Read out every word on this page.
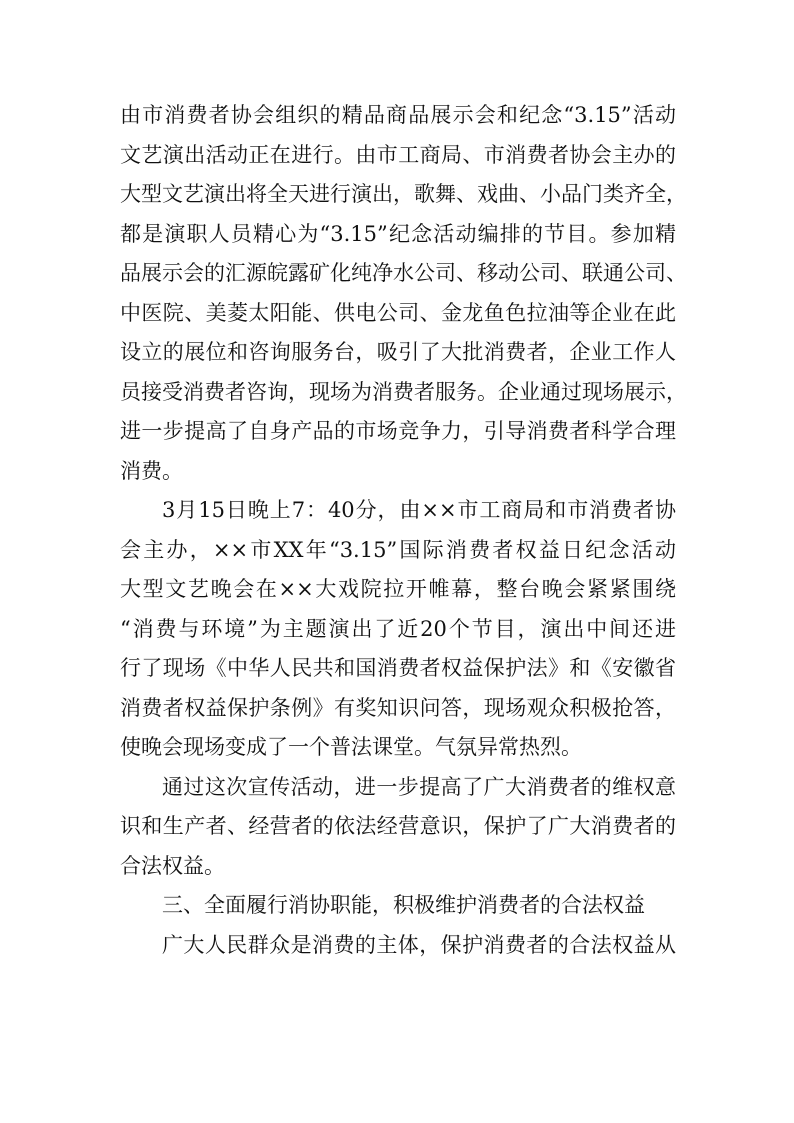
由市消费者协会组织的精品商品展示会和纪念“3.15”活动
文艺演出活动正在进行。由市工商局、市消费者协会主办的
大型文艺演出将全天进行演出，歌舞、戏曲、小品门类齐全，
都是演职人员精心为“3.15”纪念活动编排的节目。参加精
品展示会的汇源皖露矿化纯净水公司、移动公司、联通公司、
中医院、美菱太阳能、供电公司、金龙鱼色拉油等企业在此
设立的展位和咨询服务台，吸引了大批消费者，企业工作人
员接受消费者咨询，现场为消费者服务。企业通过现场展示，
进一步提高了自身产品的市场竞争力，引导消费者科学合理
消费。
3月15日晚上7：40分，由××市工商局和市消费者协
会主办，××市XX年“3.15”国际消费者权益日纪念活动
大型文艺晚会在××大戏院拉开帷幕，整台晚会紧紧围绕
“消费与环境”为主题演出了近20个节目，演出中间还进
行了现场《中华人民共和国消费者权益保护法》和《安徽省
消费者权益保护条例》有奖知识问答，现场观众积极抢答，
使晚会现场变成了一个普法课堂。气氛异常热烈。
通过这次宣传活动，进一步提高了广大消费者的维权意
识和生产者、经营者的依法经营意识，保护了广大消费者的
合法权益。
三、全面履行消协职能，积极维护消费者的合法权益
广大人民群众是消费的主体，保护消费者的合法权益从
